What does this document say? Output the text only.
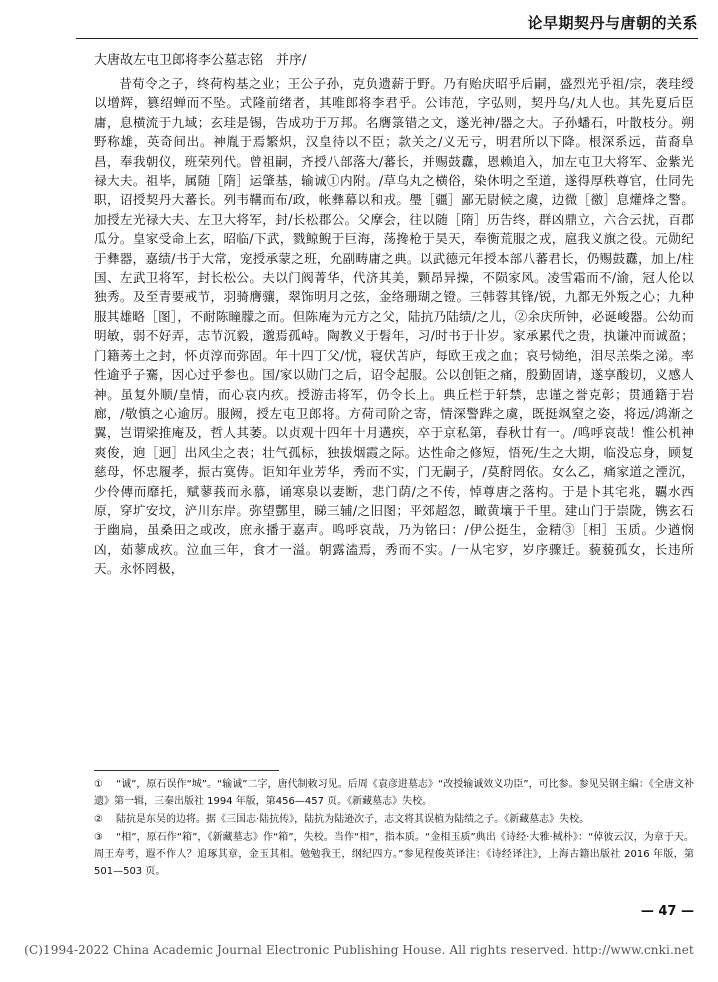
论早期契丹与唐朝的关系

大唐故左屯卫郎将李公墓志铭　并序/

昔荀令之子，终荷构基之业；王公子孙，克负遗薪于野。乃有贻庆昭乎后嗣，盛烈光乎祖/宗，袭珪绶以增辉，篡绍蝉而不坠。式隆前绪者，其唯郎将李君乎。公讳范，字弘则，契丹乌/丸人也。其先夏后臣庸，息横流于九域；玄珪是锡，告成功于万邦。名膺箓错之文，遂光神/器之大。子孙蟠石，叶散枝分。朔野称雄，英奇间出。神胤于焉繁炽，汉皇待以不臣；款关之/义无亏，明君所以下降。根深系远，苗裔阜昌，奉我朝仪，班荣列代。曾祖嗣，齐授八部落大/蕃长，并赐鼓纛，恩赖追入，加左屯卫大将军、金紫光禄大夫。祖毕，属随［隋］运肇基，输诚①内附。/草乌丸之横俗，染休明之至道，遂得厚秩尊官，仕同先职，诏授契丹大蕃长。列韦鞲而布/政，帐彝幕以和戎。璺［疆］鄙无尉候之虞，边微［徼］息爟烽之警。加授左光禄大夫、左卫大将军，封/长松郡公。父摩会，往以随［隋］历告终，群凶鼎立，六合云扰，百郡瓜分。皇家受命上玄，昭临/下武，戮鲸鲵于巨海，荡搀枪于昊天，奉衡荒服之戎，扈我义旗之役。元勋纪于彝器，嘉绩/书于大常，宠授承蒙之班，允副畴庸之典。以武德元年授本部八蕃君长，仍赐鼓纛，加上/柱国、左武卫将军，封长松公。夫以门阀菁华，代济其美，颗昂异操，不陨家风。凌雪霜而不/渝，冠人伦以独秀。及至青要戒节，羽骑膺骧，翠饰明月之弦，金络珊瑚之镫。三韩蓉其锋/锐，九都无外叛之心；九种服其雄略［图］，不耐陈瞳朦之而。但陈庵为元方之父，陆抗乃陆绩/之儿，②余庆所钟，必诞峻器。公幼而明敏，弱不好弄，志节沉毅，邈焉孤峙。陶教义于髫年，习/时书于卝岁。家承累代之贵，执谦冲而诚盈；门籍莠土之封，怀贞淳而弥固。年十四丁父/忧，寝伏苫庐，每欧王戎之血；哀号恸绝，泪尽羔柴之涕。率性逾乎子騫，因心过乎参也。国/家以勋门之后，诏令起服。公以创钜之痛，殷勤固请，遂享酸切，义感人神。虽复外顺/皇情，而心哀内疚。授游击将军，仍令长上。典丘栏于轩禁，忠谨之誉克彰；贯通籍于岩廊，/敬慎之心逾厉。服阙，授左屯卫郎将。方荷司阶之寄，情深警跸之虞，既挺飒窒之姿，将远/鸿渐之翼，岂谓梁推庵及，哲人其萎。以贞观十四年十月遘疾，卒于京私第，春秋廿有一。/鸣呼哀哉！惟公机神爽俊，逈［迥］出风尘之表；壮气孤标，独拔烟霞之际。达性命之修短，悟死/生之大期，临没忘身，顾复慈母，怀忠履孝，振古寞俦。讵知年业芳华，秀而不实，门无嗣子，/莫酧罔依。女么乙，痛家道之湮沉，少伶傳而靡托，赋蓼莪而永慕，诵寒泉以妻断，悲门荫/之不传，悼尊唐之落构。于是卜其宅兆，覊水西原，穿圹安坟，浐川东岸。弥望酆里，睇三辅/之旧图；平郊超忽，瞰黄壤于千里。建山门于崇陇，镌玄石于幽扃，虽桑田之或改，庶永播于嘉声。鸣呼哀哉，乃为铭曰：/伊公挺生，金精③［相］玉质。少遒悯凶，茹蓼成疚。泣血三年，食才一溢。朝露溘焉，秀而不实。/一从宅穸，岁序骤迁。藐藐孤女，长违所天。永怀罔极，

① “诚”，原石误作“城”。“输诚”二字，唐代制敕习见。后周《袁彦进墓志》“改授输诚效义功臣”，可比参。参见吴钢主编：《全唐文补遗》第一辑，三秦出版社 1994 年版，第456—457 页。《新藏墓志》失校。

② 陆抗是东吴的边将。据《三国志·陆抗传》，陆抗为陆逊次子，志文将其误植为陆绩之子。《新藏墓志》失校。

③ “相”，原石作“箱”，《新藏墓志》作“箱”，失校。当作“相”，指本质。“金相玉质”典出《诗经·大雅·棫朴》：“倬彼云汉，为章于天。周王寿考，遐不作人？追琢其章，金玉其相。勉勉我王，纲纪四方。”参见程俊英译注：《诗经译注》，上海古籍出版社 2016 年版，第 501—503 页。

— 47 —
(C)1994-2022 China Academic Journal Electronic Publishing House. All rights reserved. http://www.cnki.net
